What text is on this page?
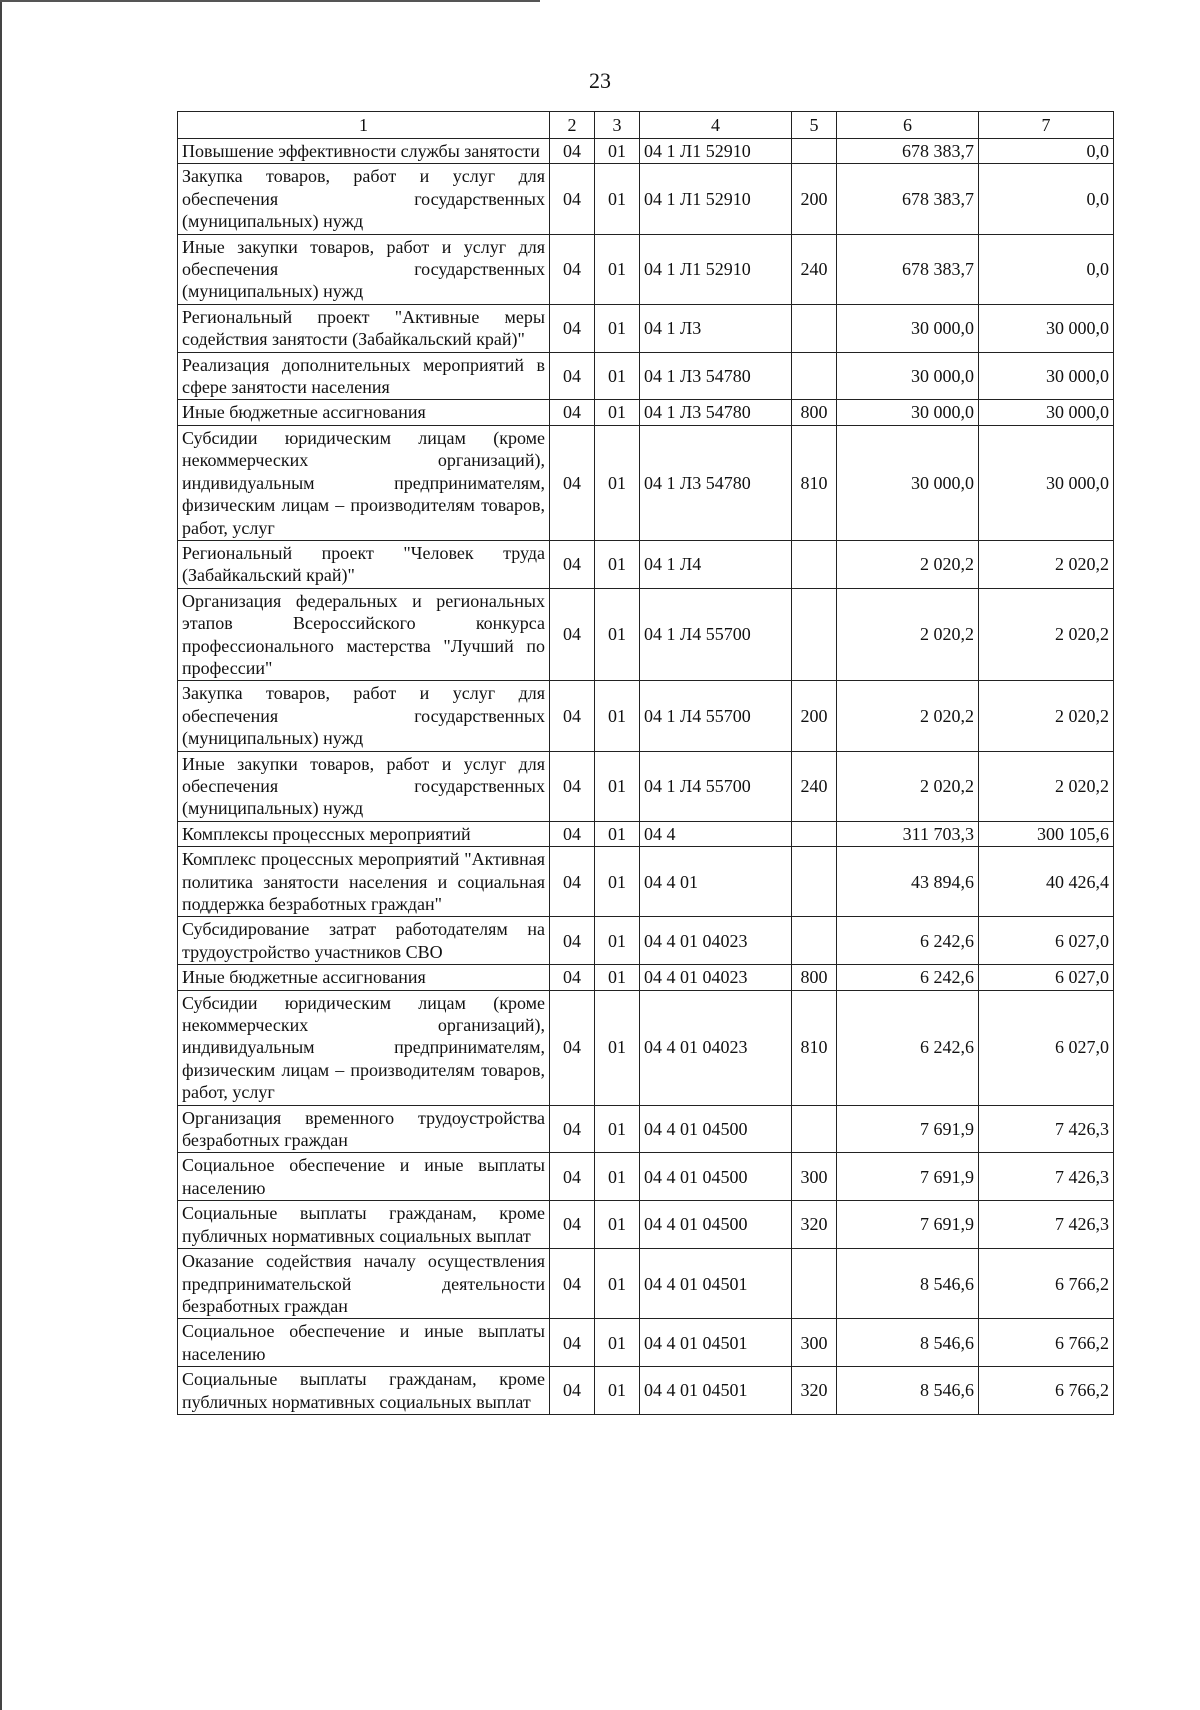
23
1	2	3	4	5	6	7
Повышение эффективности службы занятости	04	01	04 1 Л1 52910		678 383,7	0,0
Закупка товаров, работ и услуг для обеспечения государственных (муниципальных) нужд	04	01	04 1 Л1 52910	200	678 383,7	0,0
Иные закупки товаров, работ и услуг для обеспечения государственных (муниципальных) нужд	04	01	04 1 Л1 52910	240	678 383,7	0,0
Региональный проект "Активные меры содействия занятости (Забайкальский край)"	04	01	04 1 Л3		30 000,0	30 000,0
Реализация дополнительных мероприятий в сфере занятости населения	04	01	04 1 Л3 54780		30 000,0	30 000,0
Иные бюджетные ассигнования	04	01	04 1 Л3 54780	800	30 000,0	30 000,0
Субсидии юридическим лицам (кроме некоммерческих организаций), индивидуальным предпринимателям, физическим лицам – производителям товаров, работ, услуг	04	01	04 1 Л3 54780	810	30 000,0	30 000,0
Региональный проект "Человек труда (Забайкальский край)"	04	01	04 1 Л4		2 020,2	2 020,2
Организация федеральных и региональных этапов Всероссийского конкурса профессионального мастерства "Лучший по профессии"	04	01	04 1 Л4 55700		2 020,2	2 020,2
Закупка товаров, работ и услуг для обеспечения государственных (муниципальных) нужд	04	01	04 1 Л4 55700	200	2 020,2	2 020,2
Иные закупки товаров, работ и услуг для обеспечения государственных (муниципальных) нужд	04	01	04 1 Л4 55700	240	2 020,2	2 020,2
Комплексы процессных мероприятий	04	01	04 4		311 703,3	300 105,6
Комплекс процессных мероприятий "Активная политика занятости населения и социальная поддержка безработных граждан"	04	01	04 4 01		43 894,6	40 426,4
Субсидирование затрат работодателям на трудоустройство участников СВО	04	01	04 4 01 04023		6 242,6	6 027,0
Иные бюджетные ассигнования	04	01	04 4 01 04023	800	6 242,6	6 027,0
Субсидии юридическим лицам (кроме некоммерческих организаций), индивидуальным предпринимателям, физическим лицам – производителям товаров, работ, услуг	04	01	04 4 01 04023	810	6 242,6	6 027,0
Организация временного трудоустройства безработных граждан	04	01	04 4 01 04500		7 691,9	7 426,3
Социальное обеспечение и иные выплаты населению	04	01	04 4 01 04500	300	7 691,9	7 426,3
Социальные выплаты гражданам, кроме публичных нормативных социальных выплат	04	01	04 4 01 04500	320	7 691,9	7 426,3
Оказание содействия началу осуществления предпринимательской деятельности безработных граждан	04	01	04 4 01 04501		8 546,6	6 766,2
Социальное обеспечение и иные выплаты населению	04	01	04 4 01 04501	300	8 546,6	6 766,2
Социальные выплаты гражданам, кроме публичных нормативных социальных выплат	04	01	04 4 01 04501	320	8 546,6	6 766,2
